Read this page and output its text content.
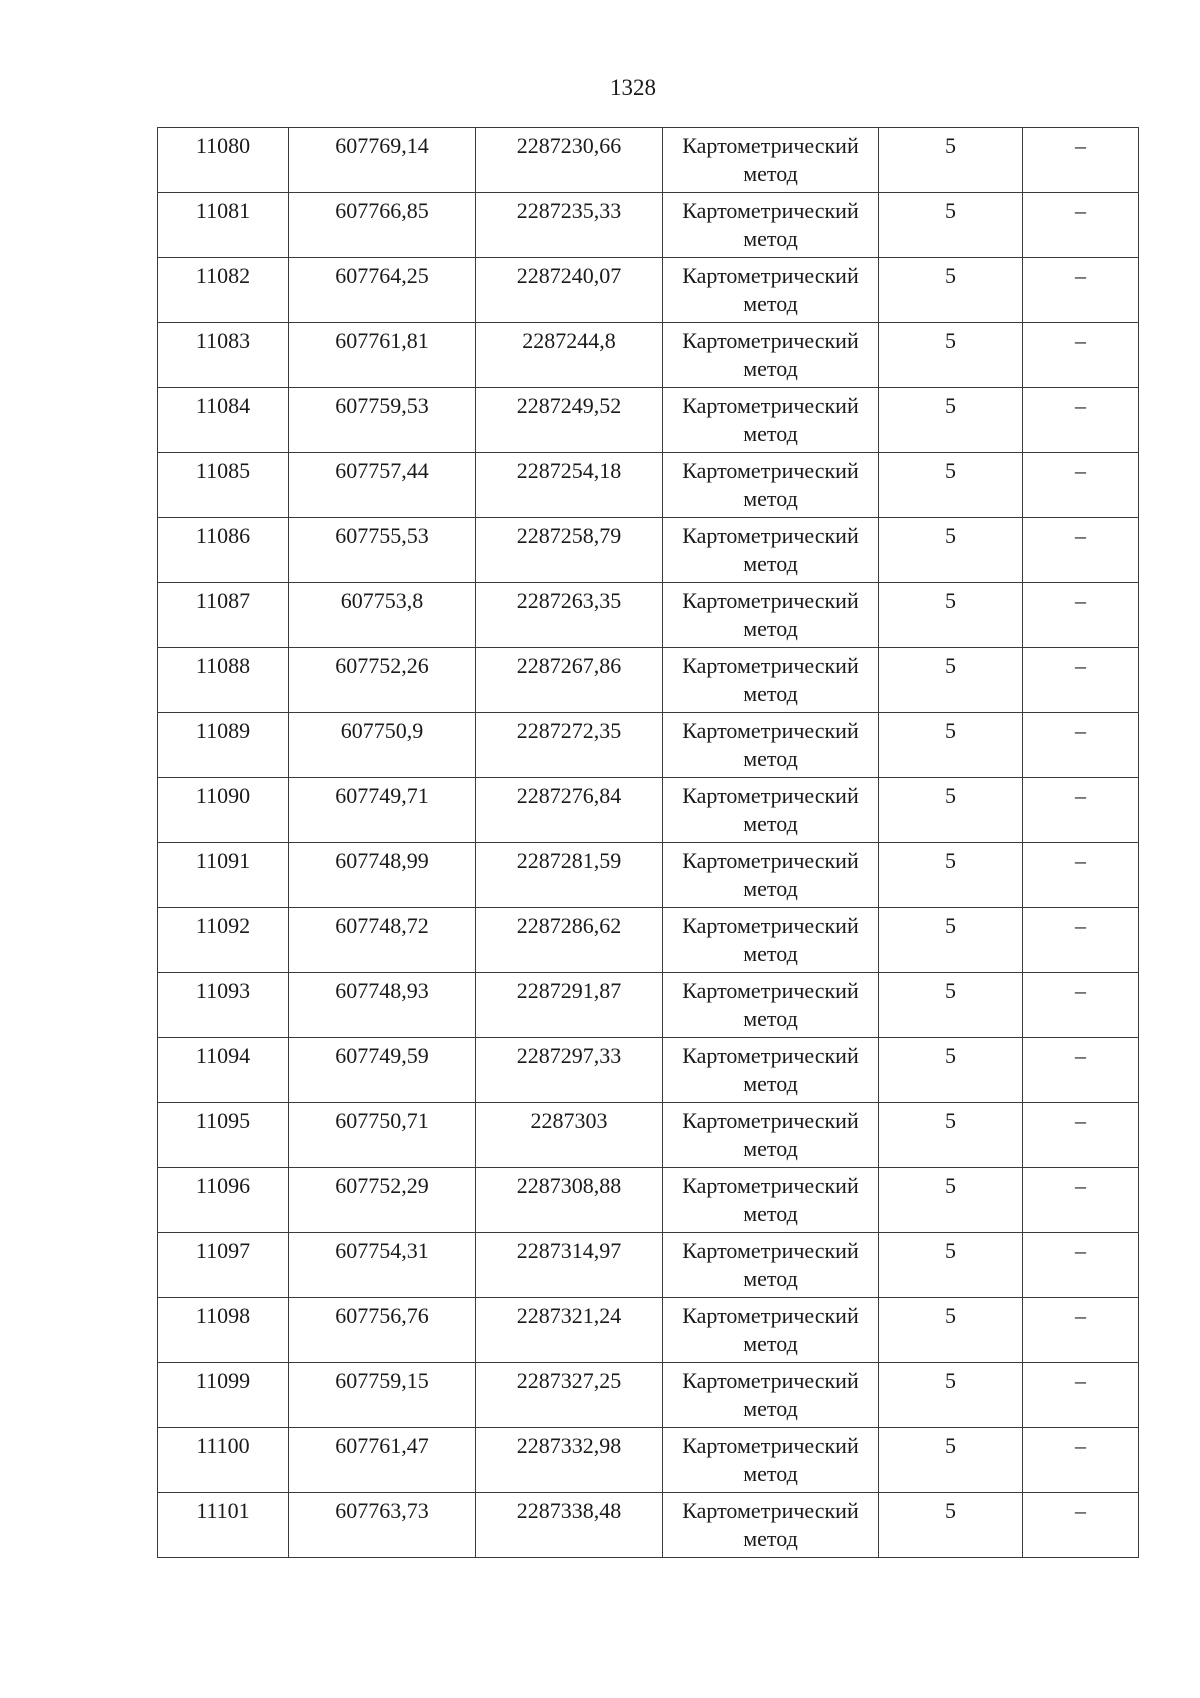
1328
11080	607769,14	2287230,66	Картометрический метод	5	–
11081	607766,85	2287235,33	Картометрический метод	5	–
11082	607764,25	2287240,07	Картометрический метод	5	–
11083	607761,81	2287244,8	Картометрический метод	5	–
11084	607759,53	2287249,52	Картометрический метод	5	–
11085	607757,44	2287254,18	Картометрический метод	5	–
11086	607755,53	2287258,79	Картометрический метод	5	–
11087	607753,8	2287263,35	Картометрический метод	5	–
11088	607752,26	2287267,86	Картометрический метод	5	–
11089	607750,9	2287272,35	Картометрический метод	5	–
11090	607749,71	2287276,84	Картометрический метод	5	–
11091	607748,99	2287281,59	Картометрический метод	5	–
11092	607748,72	2287286,62	Картометрический метод	5	–
11093	607748,93	2287291,87	Картометрический метод	5	–
11094	607749,59	2287297,33	Картометрический метод	5	–
11095	607750,71	2287303	Картометрический метод	5	–
11096	607752,29	2287308,88	Картометрический метод	5	–
11097	607754,31	2287314,97	Картометрический метод	5	–
11098	607756,76	2287321,24	Картометрический метод	5	–
11099	607759,15	2287327,25	Картометрический метод	5	–
11100	607761,47	2287332,98	Картометрический метод	5	–
11101	607763,73	2287338,48	Картометрический метод	5	–
